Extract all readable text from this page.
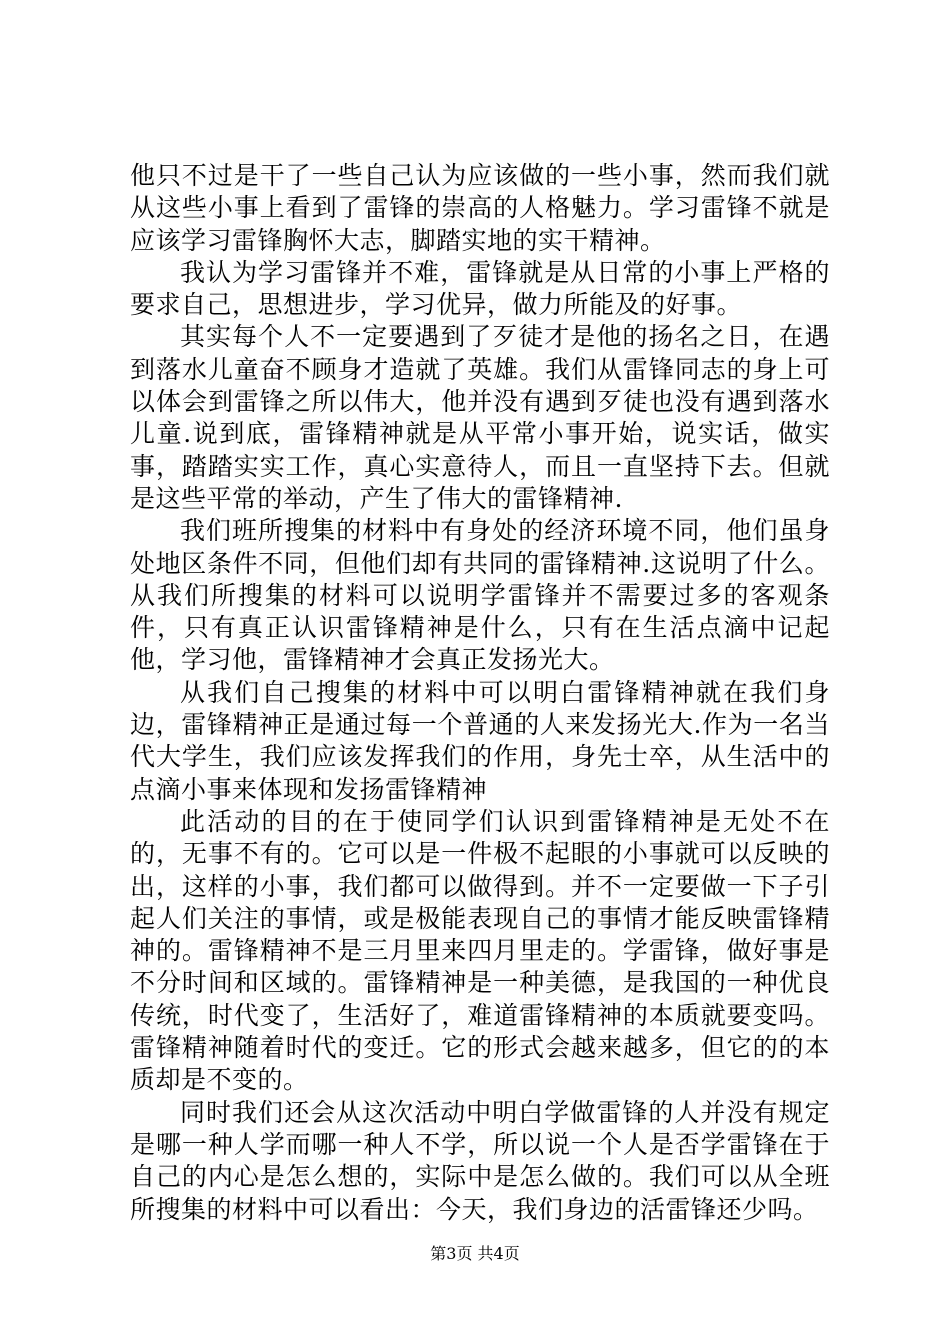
他只不过是干了一些自己认为应该做的一些小事，然而我们就从这些小事上看到了雷锋的崇高的人格魅力。学习雷锋不就是应该学习雷锋胸怀大志，脚踏实地的实干精神。

我认为学习雷锋并不难，雷锋就是从日常的小事上严格的要求自己，思想进步，学习优异，做力所能及的好事。

其实每个人不一定要遇到了歹徒才是他的扬名之日，在遇到落水儿童奋不顾身才造就了英雄。我们从雷锋同志的身上可以体会到雷锋之所以伟大，他并没有遇到歹徒也没有遇到落水儿童.说到底，雷锋精神就是从平常小事开始，说实话，做实事，踏踏实实工作，真心实意待人，而且一直坚持下去。但就是这些平常的举动，产生了伟大的雷锋精神.

我们班所搜集的材料中有身处的经济环境不同，他们虽身处地区条件不同，但他们却有共同的雷锋精神.这说明了什么。从我们所搜集的材料可以说明学雷锋并不需要过多的客观条件，只有真正认识雷锋精神是什么，只有在生活点滴中记起他，学习他，雷锋精神才会真正发扬光大。

从我们自己搜集的材料中可以明白雷锋精神就在我们身边，雷锋精神正是通过每一个普通的人来发扬光大.作为一名当代大学生，我们应该发挥我们的作用，身先士卒，从生活中的点滴小事来体现和发扬雷锋精神

此活动的目的在于使同学们认识到雷锋精神是无处不在的，无事不有的。它可以是一件极不起眼的小事就可以反映的出，这样的小事，我们都可以做得到。并不一定要做一下子引起人们关注的事情，或是极能表现自己的事情才能反映雷锋精神的。雷锋精神不是三月里来四月里走的。学雷锋，做好事是不分时间和区域的。雷锋精神是一种美德，是我国的一种优良传统，时代变了，生活好了，难道雷锋精神的本质就要变吗。雷锋精神随着时代的变迁。它的形式会越来越多，但它的的本质却是不变的。

同时我们还会从这次活动中明白学做雷锋的人并没有规定是哪一种人学而哪一种人不学，所以说一个人是否学雷锋在于自己的内心是怎么想的，实际中是怎么做的。我们可以从全班所搜集的材料中可以看出：今天，我们身边的活雷锋还少吗。

第3页 共4页
